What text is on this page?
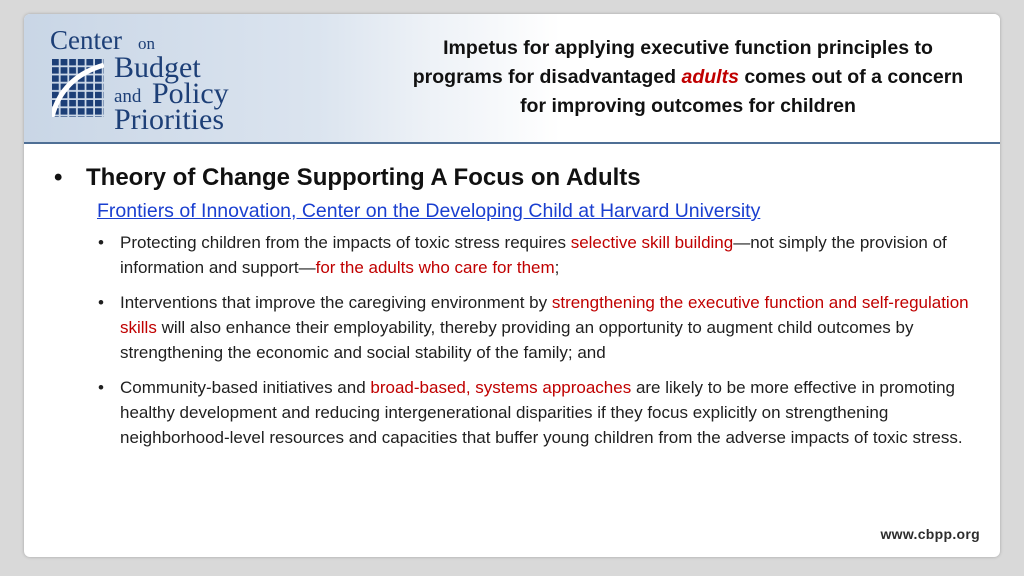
Center on
Budget
and Policy
Priorities
Impetus for applying executive function principles to programs for disadvantaged adults comes out of a concern for improving outcomes for children
• Theory of Change Supporting A Focus on Adults
Frontiers of Innovation, Center on the Developing Child at Harvard University
• Protecting children from the impacts of toxic stress requires selective skill building—not simply the provision of information and support—for the adults who care for them;
• Interventions that improve the caregiving environment by strengthening the executive function and self-regulation skills will also enhance their employability, thereby providing an opportunity to augment child outcomes by strengthening the economic and social stability of the family; and
• Community-based initiatives and broad-based, systems approaches are likely to be more effective in promoting healthy development and reducing intergenerational disparities if they focus explicitly on strengthening neighborhood-level resources and capacities that buffer young children from the adverse impacts of toxic stress.
www.cbpp.org
